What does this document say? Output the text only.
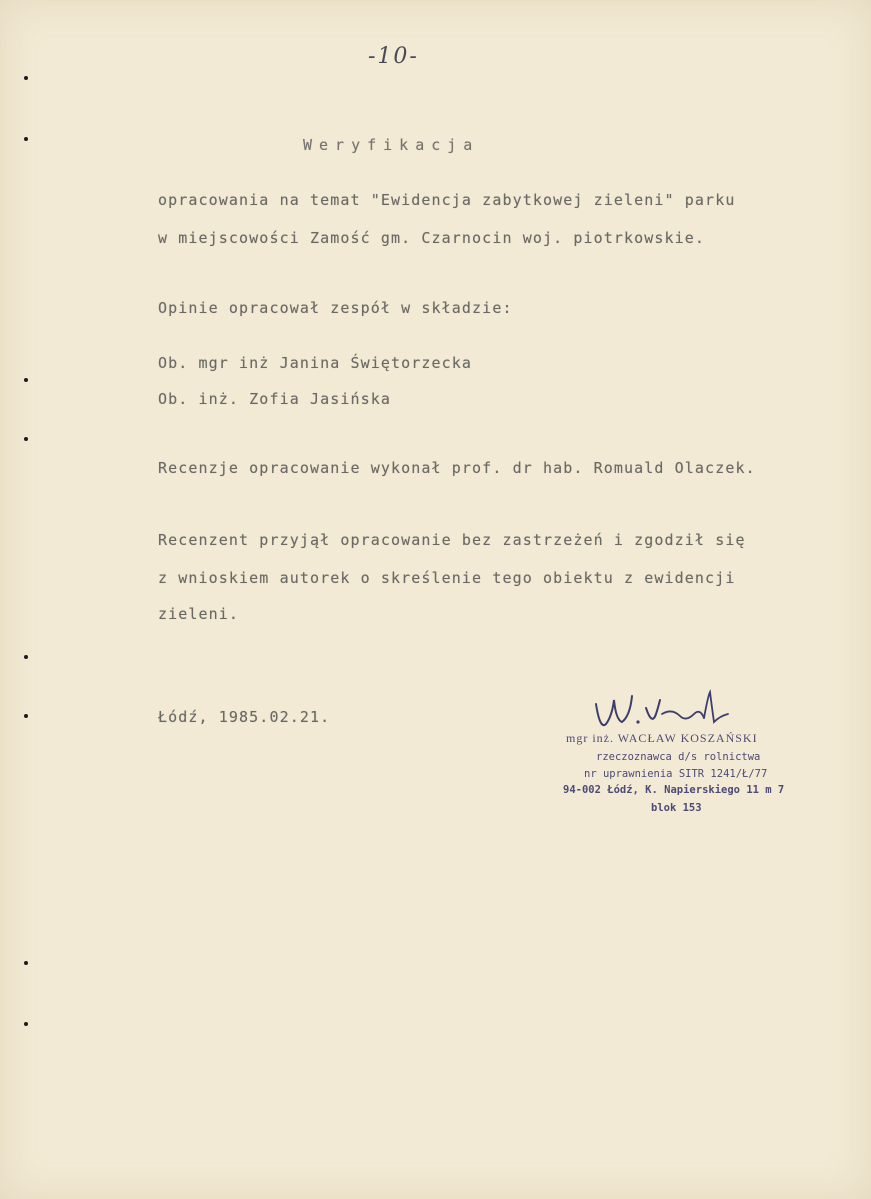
-10-
Weryfikacja
opracowania na temat "Ewidencja zabytkowej zieleni" parku
w miejscowości Zamość gm. Czarnocin woj. piotrkowskie.
Opinie opracował zespół w składzie:
Ob. mgr inż Janina Świętorzecka
Ob. inż. Zofia Jasińska
Recenzje opracowanie wykonał prof. dr hab. Romuald Olaczek.
Recenzent przyjął opracowanie bez zastrzeżeń i zgodził się
z wnioskiem autorek o skreślenie tego obiektu z ewidencji
zieleni.
Łódź, 1985.02.21.
mgr inż. WACŁAW KOSZAŃSKI
rzeczoznawca d/s rolnictwa
nr uprawnienia SITR 1241/Ł/77
94-002 Łódź, K. Napierskiego 11 m 7
blok 153
